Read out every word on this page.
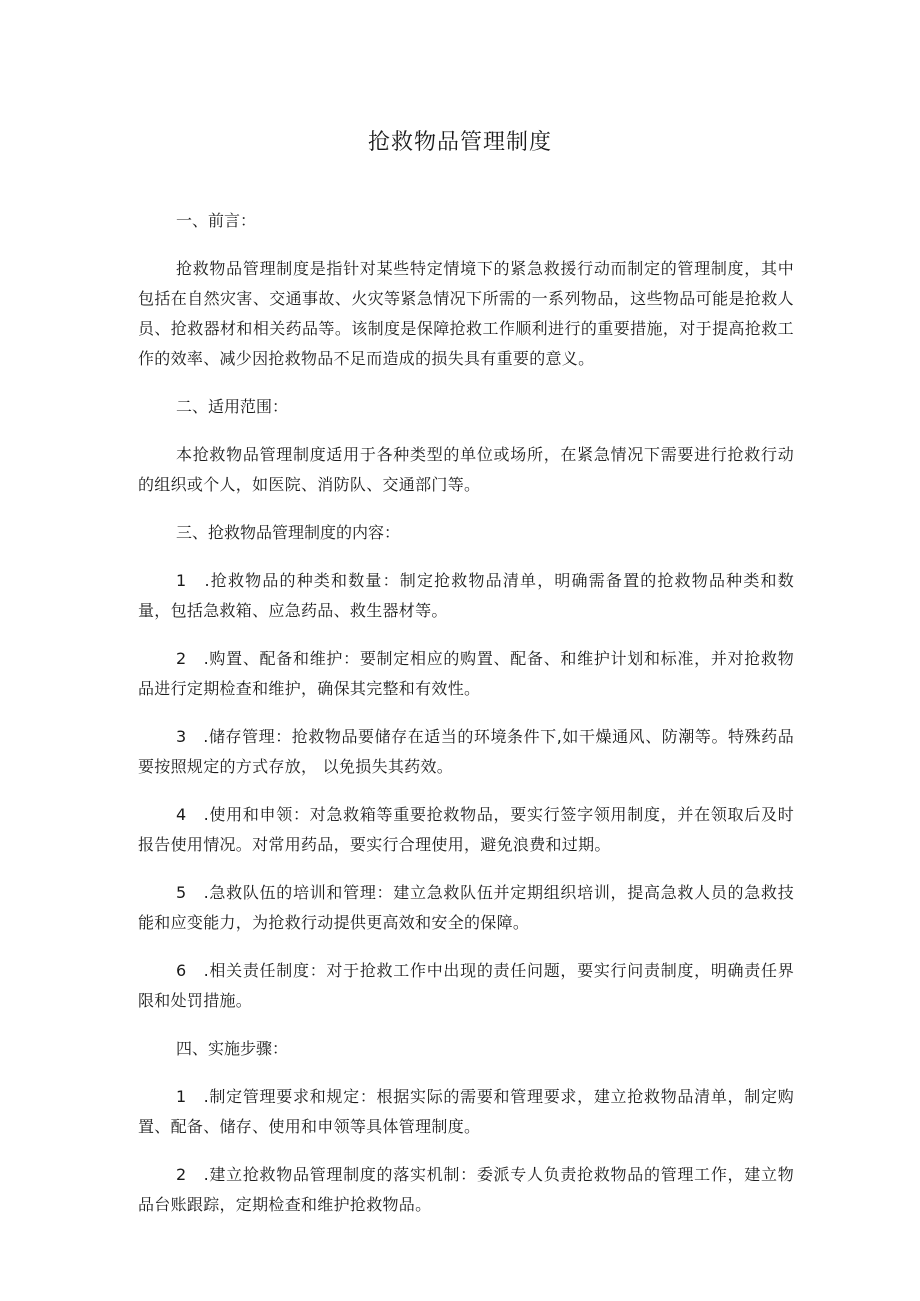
抢救物品管理制度

一、前言：

抢救物品管理制度是指针对某些特定情境下的紧急救援行动而制定的管理制度，其中包括在自然灾害、交通事故、火灾等紧急情况下所需的一系列物品，这些物品可能是抢救人员、抢救器材和相关药品等。该制度是保障抢救工作顺利进行的重要措施，对于提高抢救工作的效率、减少因抢救物品不足而造成的损失具有重要的意义。

二、适用范围：

本抢救物品管理制度适用于各种类型的单位或场所，在紧急情况下需要进行抢救行动的组织或个人，如医院、消防队、交通部门等。

三、抢救物品管理制度的内容：

1　.抢救物品的种类和数量：制定抢救物品清单，明确需备置的抢救物品种类和数量，包括急救箱、应急药品、救生器材等。

2　.购置、配备和维护：要制定相应的购置、配备、和维护计划和标准，并对抢救物品进行定期检查和维护，确保其完整和有效性。

3　.储存管理：抢救物品要储存在适当的环境条件下,如干燥通风、防潮等。特殊药品要按照规定的方式存放， 以免损失其药效。

4　.使用和申领：对急救箱等重要抢救物品，要实行签字领用制度，并在领取后及时报告使用情况。对常用药品，要实行合理使用，避免浪费和过期。

5　.急救队伍的培训和管理：建立急救队伍并定期组织培训，提高急救人员的急救技能和应变能力，为抢救行动提供更高效和安全的保障。

6　.相关责任制度：对于抢救工作中出现的责任问题，要实行问责制度，明确责任界限和处罚措施。

四、实施步骤：

1　.制定管理要求和规定：根据实际的需要和管理要求，建立抢救物品清单，制定购置、配备、储存、使用和申领等具体管理制度。

2　.建立抢救物品管理制度的落实机制：委派专人负责抢救物品的管理工作，建立物品台账跟踪，定期检查和维护抢救物品。
